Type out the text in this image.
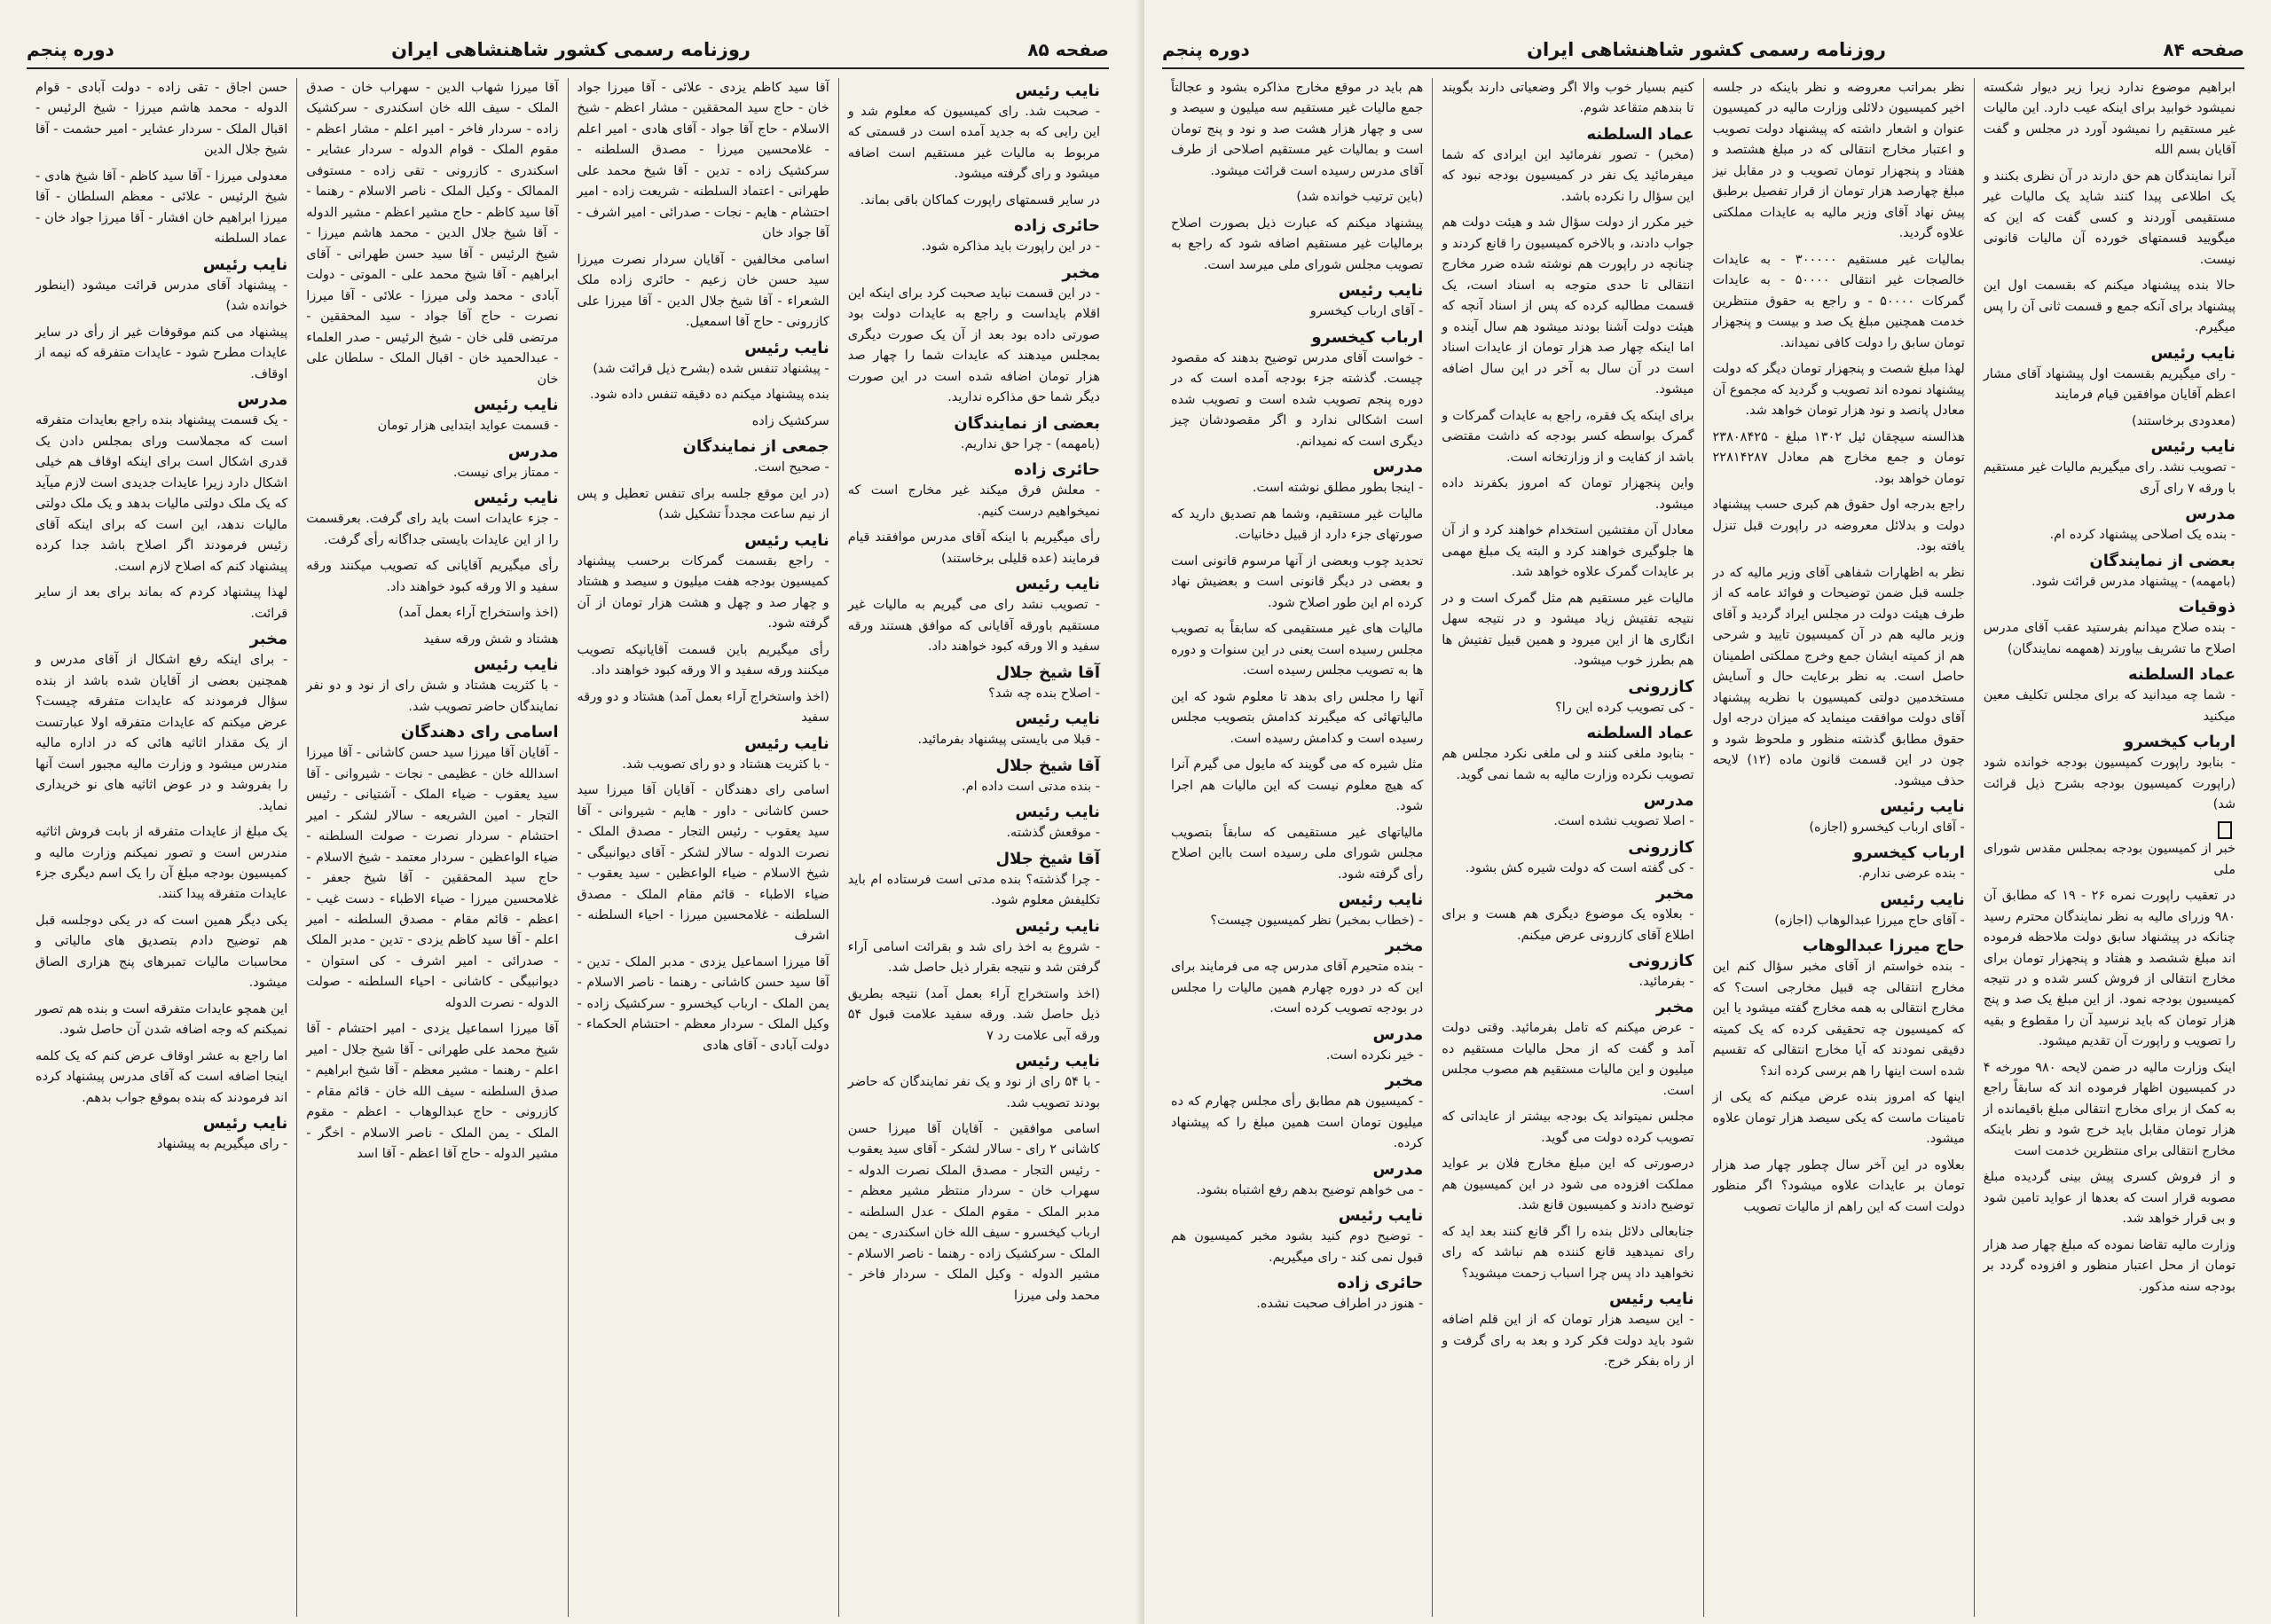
صفحه ۸۴
روزنامه رسمی کشور شاهنشاهی ایران
دوره پنجم

ابراهیم موضوع ندارد زیرا زیر دیوار شکسته نمیشود خوابید برای اینکه عیب دارد. این مالیات غیر مستقیم را نمیشود آورد در مجلس و گفت آقایان بسم الله

آنرا نمایندگان هم حق دارند در آن نظری بکنند و یک اطلاعی پیدا کنند شاید یک مالیات غیر مستقیمی آوردند و کسی گفت که این که میگویید قسمتهای خورده آن مالیات قانونی نیست.

حالا بنده پیشنهاد میکنم که بقسمت اول این پیشنهاد برای آنکه جمع و قسمت ثانی آن را پس میگیرم.

نایب رئیس

- رای میگیریم بقسمت اول پیشنهاد آقای مشار اعظم آقایان موافقین قیام فرمایند

(معدودی برخاستند)

نایب رئیس

- تصویب نشد. رای میگیریم مالیات غیر مستقیم با ورقه ۷ رای آری

مدرس

- بنده یک اصلاحی پیشنهاد کرده ام.

بعضی از نمایندگان

(بامهمه) - پیشنهاد مدرس قرائت شود.

ذوقیات

- بنده صلاح میدانم بفرستید عقب آقای مدرس اصلاح ما تشریف بیاورند (همهمه نمایندگان)

عماد السلطنه

- شما چه میدانید که برای مجلس تکلیف معین میکنید

ارباب کیخسرو

- بنابود راپورت کمیسیون بودجه خوانده شود (راپورت کمیسیون بودجه بشرح ذیل قرائت شد)

خبر از کمیسیون بودجه بمجلس مقدس شورای ملی

در تعقیب راپورت نمره ۲۶ - ۱۹ که مطابق آن ۹۸۰ وزرای مالیه به نظر نمایندگان محترم رسید چنانکه در پیشنهاد سابق دولت ملاحظه فرموده اند مبلغ ششصد و هفتاد و پنجهزار تومان برای مخارج انتقالی از فروش کسر شده و در نتیجه کمیسیون بودجه نمود. از این مبلغ یک صد و پنج هزار تومان که باید نرسید آن را مقطوع و بقیه را تصویب و راپورت آن تقدیم میشود.

اینک وزارت مالیه در ضمن لایحه ۹۸۰ مورخه ۴ در کمیسیون اظهار فرموده اند که سابقاً راجع به کمک از برای مخارج انتقالی مبلغ باقیمانده از هزار تومان مقابل باید خرج شود و نظر باینکه مخارج انتقالی برای منتظرین خدمت است

و از فروش کسری پیش بینی گردیده مبلغ مصوبه قرار است که بعدها از عواید تامین شود و بی قرار خواهد شد.

وزارت مالیه تقاضا نموده که مبلغ چهار صد هزار تومان از محل اعتبار منظور و افزوده گردد بر بودجه سنه مذکور.

نظر بمراتب معروضه و نظر باینکه در جلسه اخیر کمیسیون دلائلی وزارت مالیه در کمیسیون عنوان و اشعار داشته که پیشنهاد دولت تصویب و اعتبار مخارج انتقالی که در مبلغ هشتصد و هفتاد و پنجهزار تومان تصویب و در مقابل نیز مبلغ چهارصد هزار تومان از قرار تفصیل برطبق پیش نهاد آقای وزیر مالیه به عایدات مملکتی علاوه گردید.

بمالیات غیر مستقیم ۳۰۰۰۰۰ - به عایدات خالصجات غیر انتقالی ۵۰۰۰۰ - به عایدات گمرکات ۵۰۰۰۰ - و راجع به حقوق منتظرین خدمت همچنین مبلغ یک صد و بیست و پنجهزار تومان سابق را دولت کافی نمیداند.

لهذا مبلغ شصت و پنجهزار تومان دیگر که دولت پیشنهاد نموده اند تصویب و گردید که مجموع آن معادل پانصد و نود هزار تومان خواهد شد.

هذالسنه سیچقان ئیل ۱۳۰۲ مبلغ - ۲۳۸۰۸۴۲۵ تومان و جمع مخارج هم معادل ۲۲۸۱۴۲۸۷ تومان خواهد بود.

راجع بدرجه اول حقوق هم کبری حسب پیشنهاد دولت و بدلائل معروضه در راپورت قبل تنزل یافته بود.

نظر به اظهارات شفاهی آقای وزیر مالیه که در جلسه قبل ضمن توضیحات و فوائد عامه که از طرف هیئت دولت در مجلس ایراد گردید و آقای وزیر مالیه هم در آن کمیسیون تایید و شرحی هم از کمیته ایشان جمع وخرج مملکتی اطمینان حاصل است. به نظر برعایت حال و آسایش مستخدمین دولتی کمیسیون با نظریه پیشنهاد آقای دولت موافقت مینماید که میزان درجه اول حقوق مطابق گذشته منظور و ملحوظ شود و چون در این قسمت قانون ماده (۱۲) لایحه حذف میشود.

نایب رئیس

- آقای ارباب کیخسرو (اجازه)

ارباب کیخسرو

- بنده عرضی ندارم.

نایب رئیس

- آقای حاج میرزا عبدالوهاب (اجازه)

حاج میرزا عبدالوهاب

- بنده خواستم از آقای مخبر سؤال کنم این مخارج انتقالی چه قبیل مخارجی است؟ که مخارج انتقالی به همه مخارج گفته میشود یا این که کمیسیون چه تحقیقی کرده که یک کمیته دقیقی نمودند که آیا مخارج انتقالی که تقسیم شده است اینها را هم برسی کرده اند؟

اینها که امروز بنده عرض میکنم که یکی از تامینات ماست که یکی سیصد هزار تومان علاوه میشود.

بعلاوه در این آخر سال چطور چهار صد هزار تومان بر عایدات علاوه میشود؟ اگر منظور دولت است که این راهم از مالیات تصویب

کنیم بسیار خوب والا اگر وضعیاتی دارند بگویند تا بندهم متقاعد شوم.

عماد السلطنه

(مخبر) - تصور نفرمائید این ایرادی که شما میفرمائید یک نفر در کمیسیون بودجه نبود که این سؤال را نکرده باشد.

خیر مکرر از دولت سؤال شد و هیئت دولت هم جواب دادند، و بالاخره کمیسیون را قانع کردند و چنانچه در راپورت هم نوشته شده ضرر مخارج انتقالی تا حدی متوجه به اسناد است، یک قسمت مطالبه کرده که پس از اسناد آنچه که هیئت دولت آشنا بودند میشود هم سال آینده و اما اینکه چهار صد هزار تومان از عایدات اسناد است در آن سال به آخر در این سال اضافه میشود.

برای اینکه یک فقره، راجع به عایدات گمرکات و گمرک بواسطه کسر بودجه که داشت مقتضی باشد از کفایت و از وزارتخانه است.

واین پنجهزار تومان که امروز بکفرند داده میشود.

معادل آن مفتشین استخدام خواهند کرد و از آن ها جلوگیری خواهند کرد و البته یک مبلغ مهمی بر عایدات گمرک علاوه خواهد شد.

مالیات غیر مستقیم هم مثل گمرک است و در نتیجه تفتیش زیاد میشود و در نتیجه سهل انگاری ها از این میرود و همین قبیل تفتیش ها هم بطرز خوب میشود.

کازرونی

- کی تصویب کرده این را؟

عماد السلطنه

- بنابود ملغی کنند و لی ملغی نکرد مجلس هم تصویب نکرده وزارت مالیه به شما نمی گوید.

مدرس

- اصلا تصویب نشده است.

کازرونی

- کی گفته است که دولت شیره کش بشود.

مخبر

- بعلاوه یک موضوع دیگری هم هست و برای اطلاع آقای کازرونی عرض میکنم.

کازرونی

- بفرمائید.

مخبر

- عرض میکنم که تامل بفرمائید. وقتی دولت آمد و گفت که از محل مالیات مستقیم ده میلیون و این مالیات مستقیم هم مصوب مجلس است.

مجلس نمیتواند یک بودجه بیشتر از عایداتی که تصویب کرده دولت می گوید.

درصورتی که این مبلغ مخارج فلان بر عواید مملکت افزوده می شود در این کمیسیون هم توضیح دادند و کمیسیون قانع شد.

جنابعالی دلائل بنده را اگر قانع کنند بعد اید که رای نمیدهید قانع کننده هم نباشد که رای نخواهید داد پس چرا اسباب زحمت میشوید؟

نایب رئیس

- این سیصد هزار تومان که از این قلم اضافه شود باید دولت فکر کرد و بعد به رای گرفت و از راه بفکر خرج.

هم باید در موقع مخارج مذاکره بشود و عجالتاً جمع مالیات غیر مستقیم سه میلیون و سیصد و سی و چهار هزار هشت صد و نود و پنج تومان است و بمالیات غیر مستقیم اصلاحی از طرف آقای مدرس رسیده است قرائت میشود.

(باین ترتیب خوانده شد)

پیشنهاد میکنم که عبارت ذیل بصورت اصلاح برمالیات غیر مستقیم اضافه شود که راجع به تصویب مجلس شورای ملی میرسد است.

نایب رئیس

- آقای ارباب کیخسرو

ارباب کیخسرو

- خواست آقای مدرس توضیح بدهند که مقصود چیست. گذشته جزء بودجه آمده است که در دوره پنجم تصویب شده است و تصویب شده است اشکالی ندارد و اگر مقصودشان چیز دیگری است که نمیدانم.

مدرس

- اینجا بطور مطلق نوشته است.

مالیات غیر مستقیم، وشما هم تصدیق دارید که صورتهای جزء دارد از قبیل دخانیات.

تحدید چوب وبعضی از آنها مرسوم قانونی است و بعضی در دیگر قانونی است و بعضیش نهاد کرده ام این طور اصلاح شود.

مالیات های غیر مستقیمی که سابقاً به تصویب مجلس رسیده است یعنی در این سنوات و دوره ها به تصویب مجلس رسیده است.

آنها را مجلس رای بدهد تا معلوم شود که این مالیاتهائی که میگیرند کدامش بتصویب مجلس رسیده است و کدامش رسیده است.

مثل شیره که می گویند که مایول می گیرم آنرا که هیچ معلوم نیست که این مالیات هم اجرا شود.

مالیاتهای غیر مستقیمی که سابقاً بتصویب مجلس شورای ملی رسیده است بااین اصلاح رأی گرفته شود.

نایب رئیس

- (خطاب بمخبر) نظر کمیسیون چیست؟

مخبر

- بنده متحیرم آقای مدرس چه می فرمایند برای این که در دوره چهارم همین مالیات را مجلس در بودجه تصویب کرده است.

مدرس

- خیر نکرده است.

مخبر

- کمیسیون هم مطابق رأی مجلس چهارم که ده میلیون تومان است همین مبلغ را که پیشنهاد کرده.

مدرس

- می خواهم توضیح بدهم رفع اشتباه بشود.

نایب رئیس

- توضیح دوم کنید بشود مخبر کمیسیون هم قبول نمی کند - رای میگیریم.

حائری زاده

- هنوز در اطراف صحبت نشده.

صفحه ۸۵
روزنامه رسمی کشور شاهنشاهی ایران
دوره پنجم
نایب رئیس

- صحبت شد. رای کمیسیون که معلوم شد و این رایی که به جدید آمده است در قسمتی که مربوط به مالیات غیر مستقیم است اضافه میشود و رای گرفته میشود.

در سایر قسمتهای راپورت کماکان باقی بماند.

حائری زاده

- در این راپورت باید مذاکره شود.

مخبر

- در این قسمت نباید صحبت کرد برای اینکه این اقلام بایداست و راجع به عایدات دولت بود صورتی داده بود بعد از آن یک صورت دیگری بمجلس میدهند که عایدات شما را چهار صد هزار تومان اضافه شده است در این صورت دیگر شما حق مذاکره ندارید.

بعضی از نمایندگان

(بامهمه) - چرا حق نداریم.

حائری زاده

- معلش فرق میکند غیر مخارج است که نمیخواهیم درست کنیم.

رأی میگیریم با اینکه آقای مدرس موافقند قیام فرمایند (عده قلیلی برخاستند)

نایب رئیس

- تصویب نشد رای می گیریم به مالیات غیر مستقیم باورقه آقایانی که موافق هستند ورقه سفید و الا ورقه کبود خواهند داد.

آقا شیخ جلال

- اصلاح بنده چه شد؟

نایب رئیس

- قبلا می بایستی پیشنهاد بفرمائید.

آقا شیخ جلال

- بنده مدتی است داده ام.

نایب رئیس

- موقعش گذشته.

آقا شیخ جلال

- چرا گذشته؟ بنده مدتی است فرستاده ام باید تکلیفش معلوم شود.

نایب رئیس

- شروع به اخذ رای شد و بقرائت اسامی آراء گرفتن شد و نتیجه بقرار ذیل حاصل شد.

(اخذ واستخراج آراء بعمل آمد) نتیجه بطریق ذیل حاصل شد. ورقه سفید علامت قبول ۵۴ ورقه آبی علامت رد ۷

نایب رئیس

- با ۵۴ رای از نود و یک نفر نمایندگان که حاضر بودند تصویب شد.

اسامی موافقین - آقایان آقا میرزا حسن کاشانی ۲ رای - سالار لشکر - آقای سید یعقوب - رئیس التجار - مصدق الملک نصرت الدوله - سهراب خان - سردار منتظر مشیر معظم - مدبر الملک - مقوم الملک - عدل السلطنه - ارباب کیخسرو - سیف الله خان اسکندری - یمن الملک - سرکشیک زاده - رهنما - ناصر الاسلام - مشیر الدوله - وکیل الملک - سردار فاخر - محمد ولی میرزا

آقا سید کاظم یزدی - علائی - آقا میرزا جواد خان - حاج سید المحققین - مشار اعظم - شیخ الاسلام - حاج آقا جواد - آقای هادی - امیر اعلم - غلامحسین میرزا - مصدق السلطنه - سرکشیک زاده - تدین - آقا شیخ محمد علی طهرانی - اعتماد السلطنه - شریعت زاده - امیر احتشام - هایم - نجات - صدرائی - امیر اشرف - آقا جواد خان

اسامی مخالفین - آقایان سردار نصرت میرزا سید حسن خان زعیم - حائری زاده ملک الشعراء - آقا شیخ جلال الدین - آقا میرزا علی کازرونی - حاج آقا اسمعیل.

نایب رئیس

- پیشنهاد تنفس شده (بشرح ذیل قرائت شد)

بنده پیشنهاد میکنم ده دقیقه تنفس داده شود.

سرکشیک زاده

جمعی از نمایندگان

- صحیح است.

(در این موقع جلسه برای تنفس تعطیل و پس از نیم ساعت مجدداً تشکیل شد)

نایب رئیس

- راجع بقسمت گمرکات برحسب پیشنهاد کمیسیون بودجه هفت میلیون و سیصد و هشتاد و چهار صد و چهل و هشت هزار تومان از آن گرفته شود.

رأی میگیریم باین قسمت آقایانیکه تصویب میکنند ورقه سفید و الا ورقه کبود خواهند داد.

(اخذ واستخراج آراء بعمل آمد) هشتاد و دو ورقه سفید

نایب رئیس

- با کثریت هشتاد و دو رای تصویب شد.

اسامی رای دهندگان - آقایان آقا میرزا سید حسن کاشانی - داور - هایم - شیروانی - آقا سید یعقوب - رئیس التجار - مصدق الملک - نصرت الدوله - سالار لشکر - آقای دیوانبیگی - شیخ الاسلام - ضیاء الواعظین - سید یعقوب - ضیاء الاطباء - قائم مقام الملک - مصدق السلطنه - غلامحسین میرزا - احیاء السلطنه - اشرف

آقا میرزا اسماعیل یزدی - مدبر الملک - تدین - آقا سید حسن کاشانی - رهنما - ناصر الاسلام - یمن الملک - ارباب کیخسرو - سرکشیک زاده - وکیل الملک - سردار معظم - احتشام الحکماء - دولت آبادی - آقای هادی

آقا میرزا شهاب الدین - سهراب خان - صدق الملک - سیف الله خان اسکندری - سرکشیک زاده - سردار فاخر - امیر اعلم - مشار اعظم - مقوم الملک - قوام الدوله - سردار عشایر - اسکندری - کازرونی - تقی زاده - مستوفی الممالک - وکیل الملک - ناصر الاسلام - رهنما - آقا سید کاظم - حاج مشیر اعظم - مشیر الدوله - آقا شیخ جلال الدین - محمد هاشم میرزا - شیخ الرئیس - آقا سید حسن طهرانی - آقای ابراهیم - آقا شیخ محمد علی - الموتی - دولت آبادی - محمد ولی میرزا - علائی - آقا میرزا نصرت - حاج آقا جواد - سید المحققین - مرتضی قلی خان - شیخ الرئیس - صدر العلماء - عبدالحمید خان - اقبال الملک - سلطان علی خان

نایب رئیس

- قسمت عواید ابتدایی هزار تومان

مدرس

- ممتاز برای نیست.

نایب رئیس

- جزء عایدات است باید رای گرفت. بعرقسمت را از این عایدات بایستی جداگانه رأی گرفت.

رأی میگیریم آقایانی که تصویب میکنند ورقه سفید و الا ورقه کبود خواهند داد.

(اخذ واستخراج آراء بعمل آمد)

هشتاد و شش ورقه سفید

نایب رئیس

- با کثریت هشتاد و شش رای از نود و دو نفر نمایندگان حاضر تصویب شد.

اسامی رای دهندگان

- آقایان آقا میرزا سید حسن کاشانی - آقا میرزا اسدالله خان - عظیمی - نجات - شیروانی - آقا سید یعقوب - ضیاء الملک - آشتیانی - رئیس التجار - امین الشریعه - سالار لشکر - امیر احتشام - سردار نصرت - صولت السلطنه - ضیاء الواعظین - سردار معتمد - شیخ الاسلام - حاج سید المحققین - آقا شیخ جعفر - غلامحسین میرزا - ضیاء الاطباء - دست غیب - اعظم - قائم مقام - مصدق السلطنه - امیر اعلم - آقا سید کاظم یزدی - تدین - مدبر الملک - صدرائی - امیر اشرف - کی استوان - دیوانبیگی - کاشانی - احیاء السلطنه - صولت الدوله - نصرت الدوله

آقا میرزا اسماعیل یزدی - امیر احتشام - آقا شیخ محمد علی طهرانی - آقا شیخ جلال - امیر اعلم - رهنما - مشیر معظم - آقا شیخ ابراهیم - صدق السلطنه - سیف الله خان - قائم مقام - کازرونی - حاج عبدالوهاب - اعظم - مقوم الملک - یمن الملک - ناصر الاسلام - اخگر - مشیر الدوله - حاج آقا اعظم - آقا اسد

حسن اجاق - تقی زاده - دولت آبادی - قوام الدوله - محمد هاشم میرزا - شیخ الرئیس - اقبال الملک - سردار عشایر - امیر حشمت - آقا شیخ جلال الدین

معدولی میرزا - آقا سید کاظم - آقا شیخ هادی - شیخ الرئیس - علائی - معظم السلطان - آقا میرزا ابراهیم خان افشار - آقا میرزا جواد خان - عماد السلطنه

نایب رئیس

- پیشنهاد آقای مدرس قرائت میشود (اینطور خوانده شد)

پیشنهاد می کنم موقوفات غیر از رأی در سایر عایدات مطرح شود - عایدات متفرقه که نیمه از اوقاف.

مدرس

- یک قسمت پیشنهاد بنده راجع بعایدات متفرقه است که مجملاست ورای بمجلس دادن یک قدری اشکال است برای اینکه اوقاف هم خیلی اشکال دارد زیرا عایدات جدیدی است لازم میآید که یک ملک دولتی مالیات بدهد و یک ملک دولتی مالیات ندهد، این است که برای اینکه آقای رئیس فرمودند اگر اصلاح باشد جدا کرده پیشنهاد کنم که اصلاح لازم است.

لهذا پیشنهاد کردم که بماند برای بعد از سایر قرائت.

مخبر

- برای اینکه رفع اشکال از آقای مدرس و همچنین بعضی از آقایان شده باشد از بنده سؤال فرمودند که عایدات متفرقه چیست؟ عرض میکنم که عایدات متفرقه اولا عبارتست از یک مقدار اثاثیه هائی که در اداره مالیه مندرس میشود و وزارت مالیه مجبور است آنها را بفروشد و در عوض اثاثیه های نو خریداری نماید.

یک مبلغ از عایدات متفرقه از بابت فروش اثاثیه مندرس است و تصور نمیکنم وزارت مالیه و کمیسیون بودجه مبلغ آن را یک اسم دیگری جزء عایدات متفرقه پیدا کنند.

یکی دیگر همین است که در یکی دوجلسه قبل هم توضیح دادم بتصدیق های مالیاتی و محاسبات مالیات تمبرهای پنج هزاری الصاق میشود.

این همچو عایدات متفرقه است و بنده هم تصور نمیکنم که وجه اضافه شدن آن حاصل شود.

اما راجع به عشر اوقاف عرض کنم که یک کلمه اینجا اضافه است که آقای مدرس پیشنهاد کرده اند فرمودند که بنده بموقع جواب بدهم.

نایب رئیس

- رای میگیریم به پیشنهاد
